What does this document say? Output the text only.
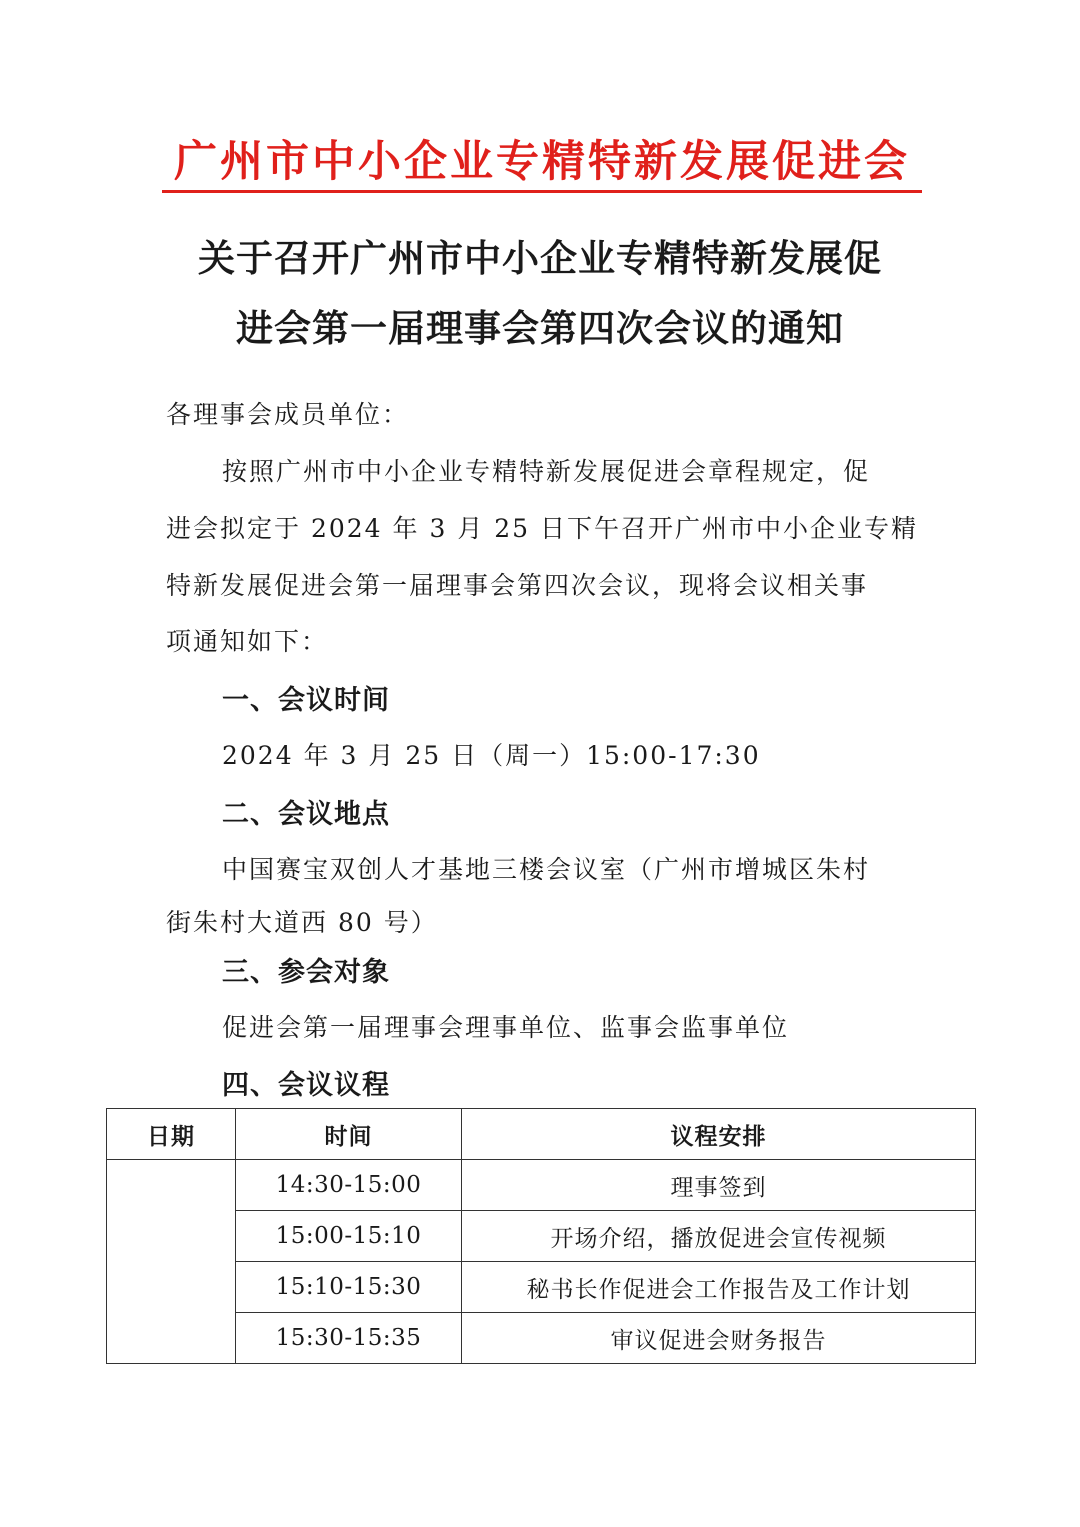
广州市中小企业专精特新发展促进会
关于召开广州市中小企业专精特新发展促
进会第一届理事会第四次会议的通知
各理事会成员单位：
按照广州市中小企业专精特新发展促进会章程规定，促
进会拟定于 2024 年 3 月 25 日下午召开广州市中小企业专精
特新发展促进会第一届理事会第四次会议，现将会议相关事
项通知如下：
一、会议时间
2024 年 3 月 25 日（周一）15:00-17:30
二、会议地点
中国赛宝双创人才基地三楼会议室（广州市增城区朱村
街朱村大道西 80 号）
三、参会对象
促进会第一届理事会理事单位、监事会监事单位
四、会议议程
日期	时间	议程安排
	14:30-15:00	理事签到
	15:00-15:10	开场介绍，播放促进会宣传视频
	15:10-15:30	秘书长作促进会工作报告及工作计划
	15:30-15:35	审议促进会财务报告
